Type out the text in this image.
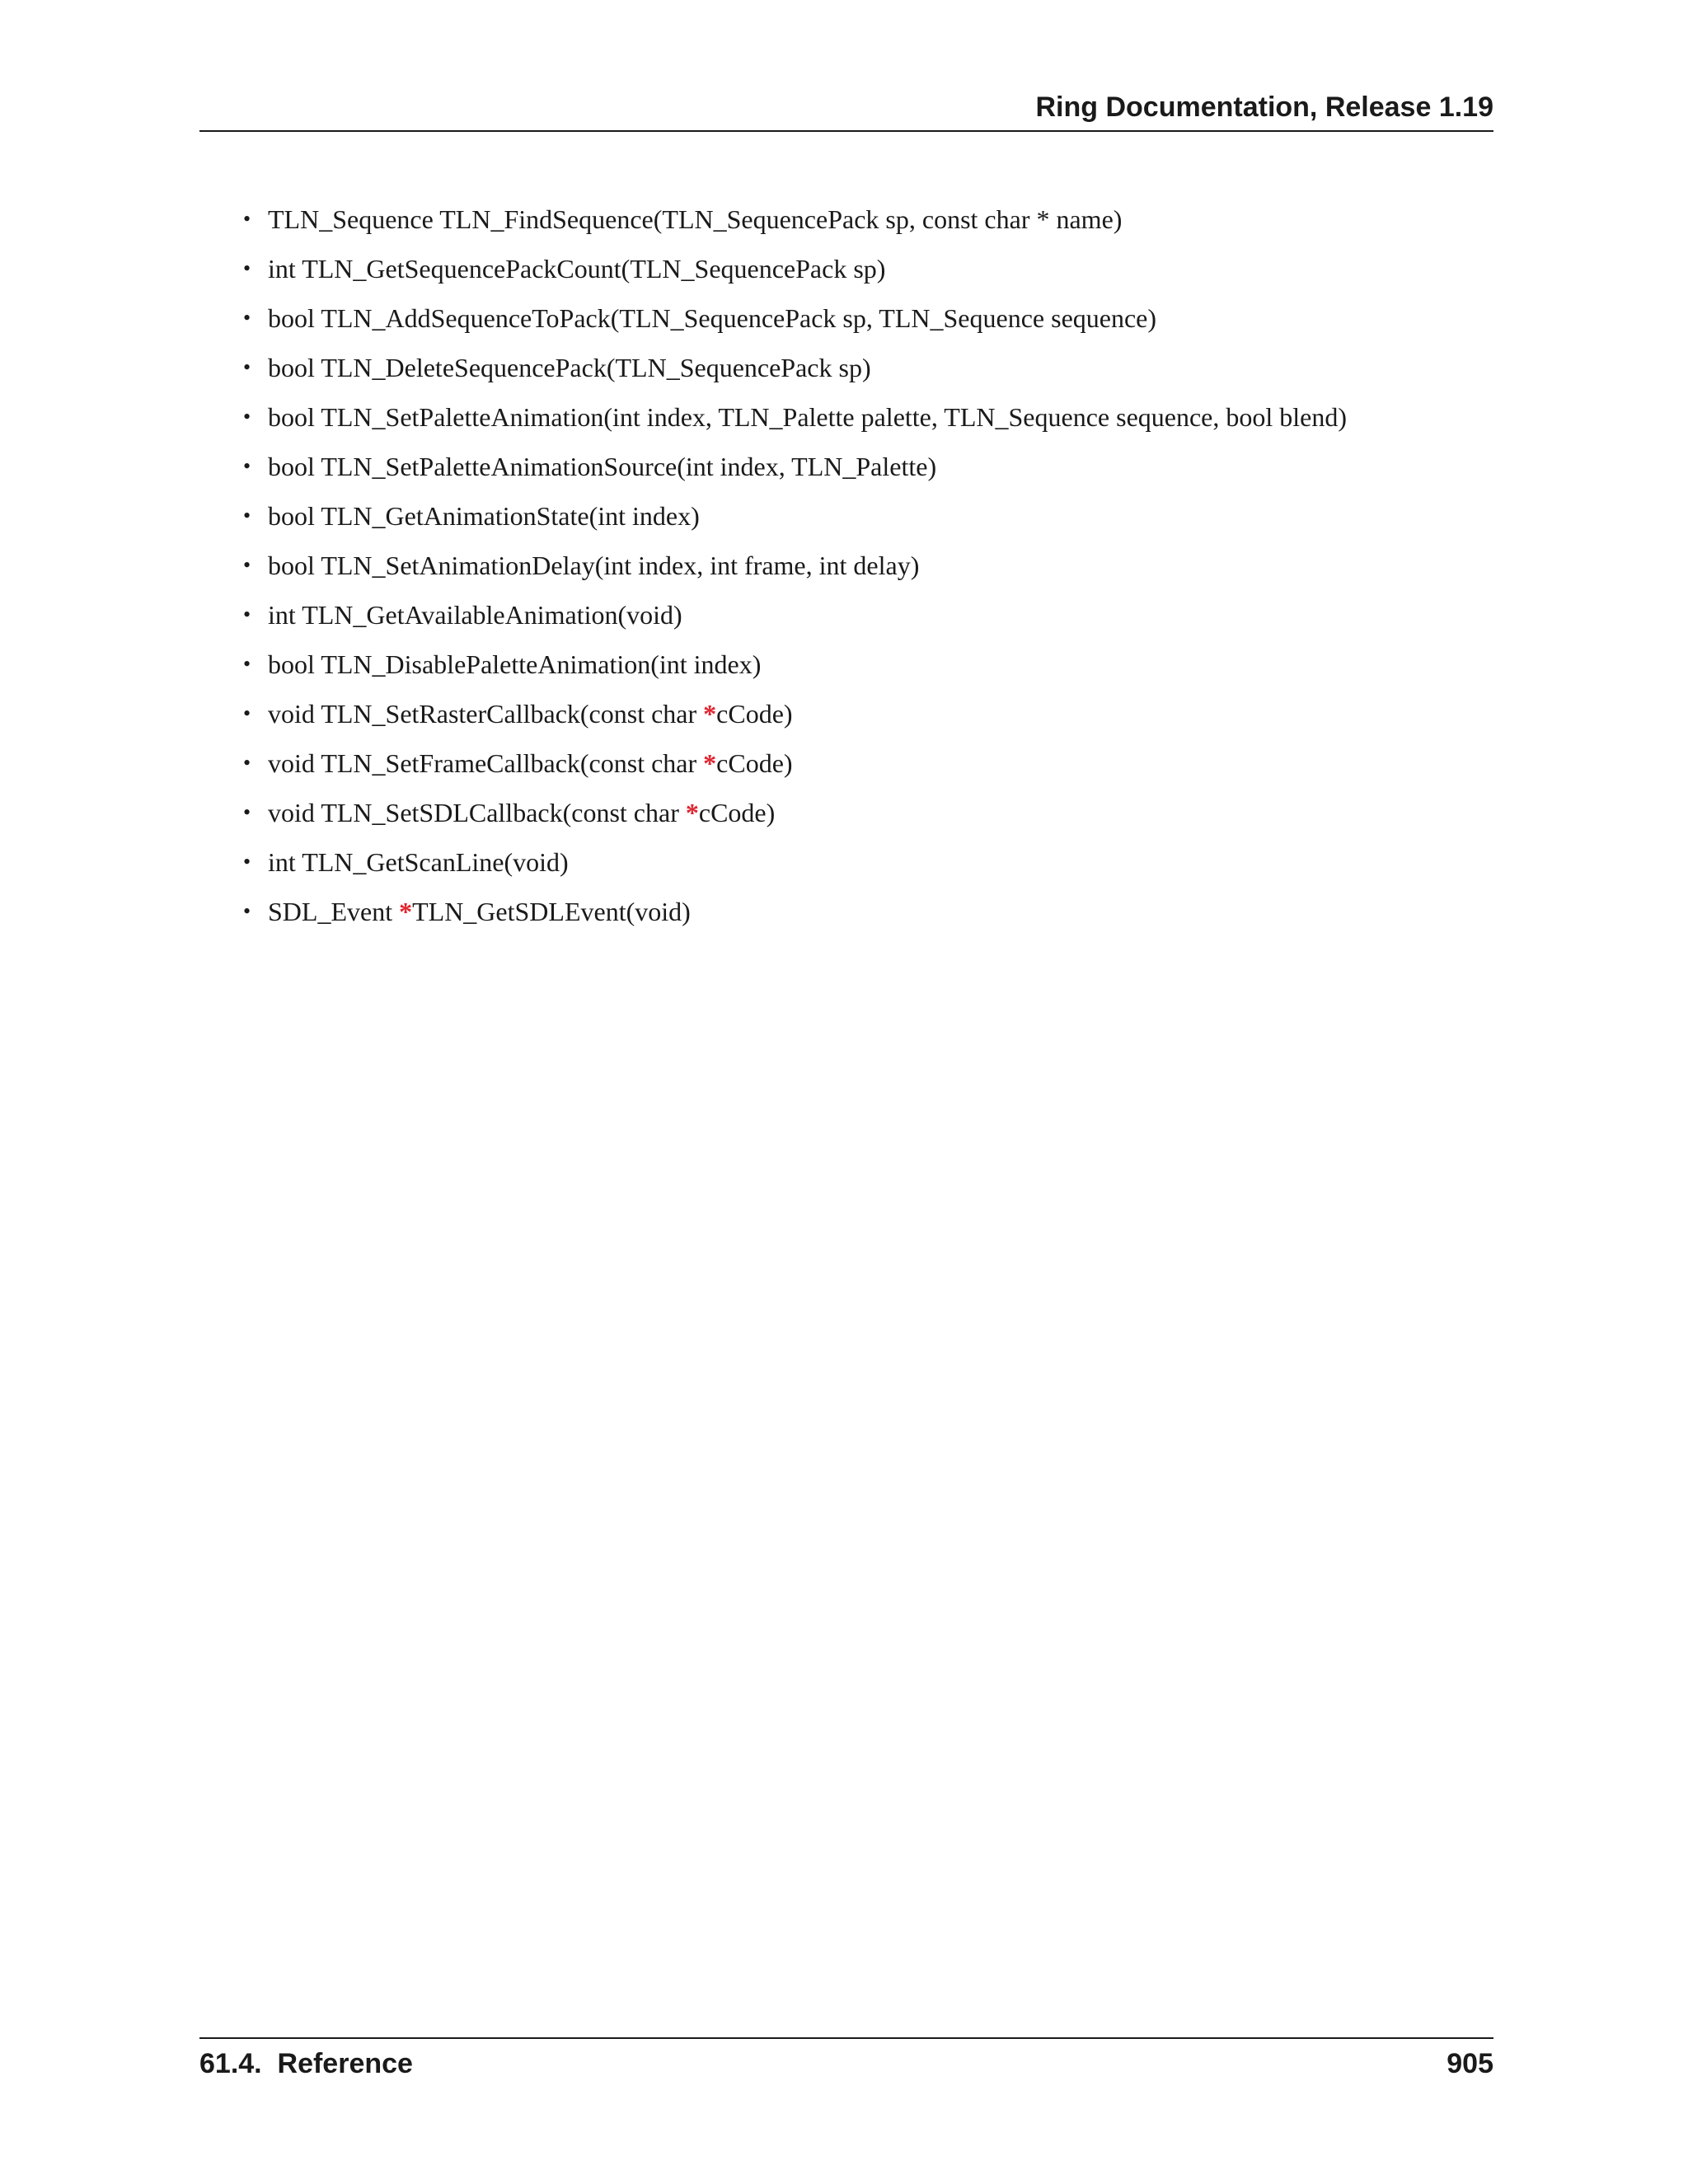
Ring Documentation, Release 1.19
• TLN_Sequence TLN_FindSequence(TLN_SequencePack sp, const char * name)
• int TLN_GetSequencePackCount(TLN_SequencePack sp)
• bool TLN_AddSequenceToPack(TLN_SequencePack sp, TLN_Sequence sequence)
• bool TLN_DeleteSequencePack(TLN_SequencePack sp)
• bool TLN_SetPaletteAnimation(int index, TLN_Palette palette, TLN_Sequence sequence, bool blend)
• bool TLN_SetPaletteAnimationSource(int index, TLN_Palette)
• bool TLN_GetAnimationState(int index)
• bool TLN_SetAnimationDelay(int index, int frame, int delay)
• int TLN_GetAvailableAnimation(void)
• bool TLN_DisablePaletteAnimation(int index)
• void TLN_SetRasterCallback(const char *cCode)
• void TLN_SetFrameCallback(const char *cCode)
• void TLN_SetSDLCallback(const char *cCode)
• int TLN_GetScanLine(void)
• SDL_Event *TLN_GetSDLEvent(void)
61.4.  Reference	905
